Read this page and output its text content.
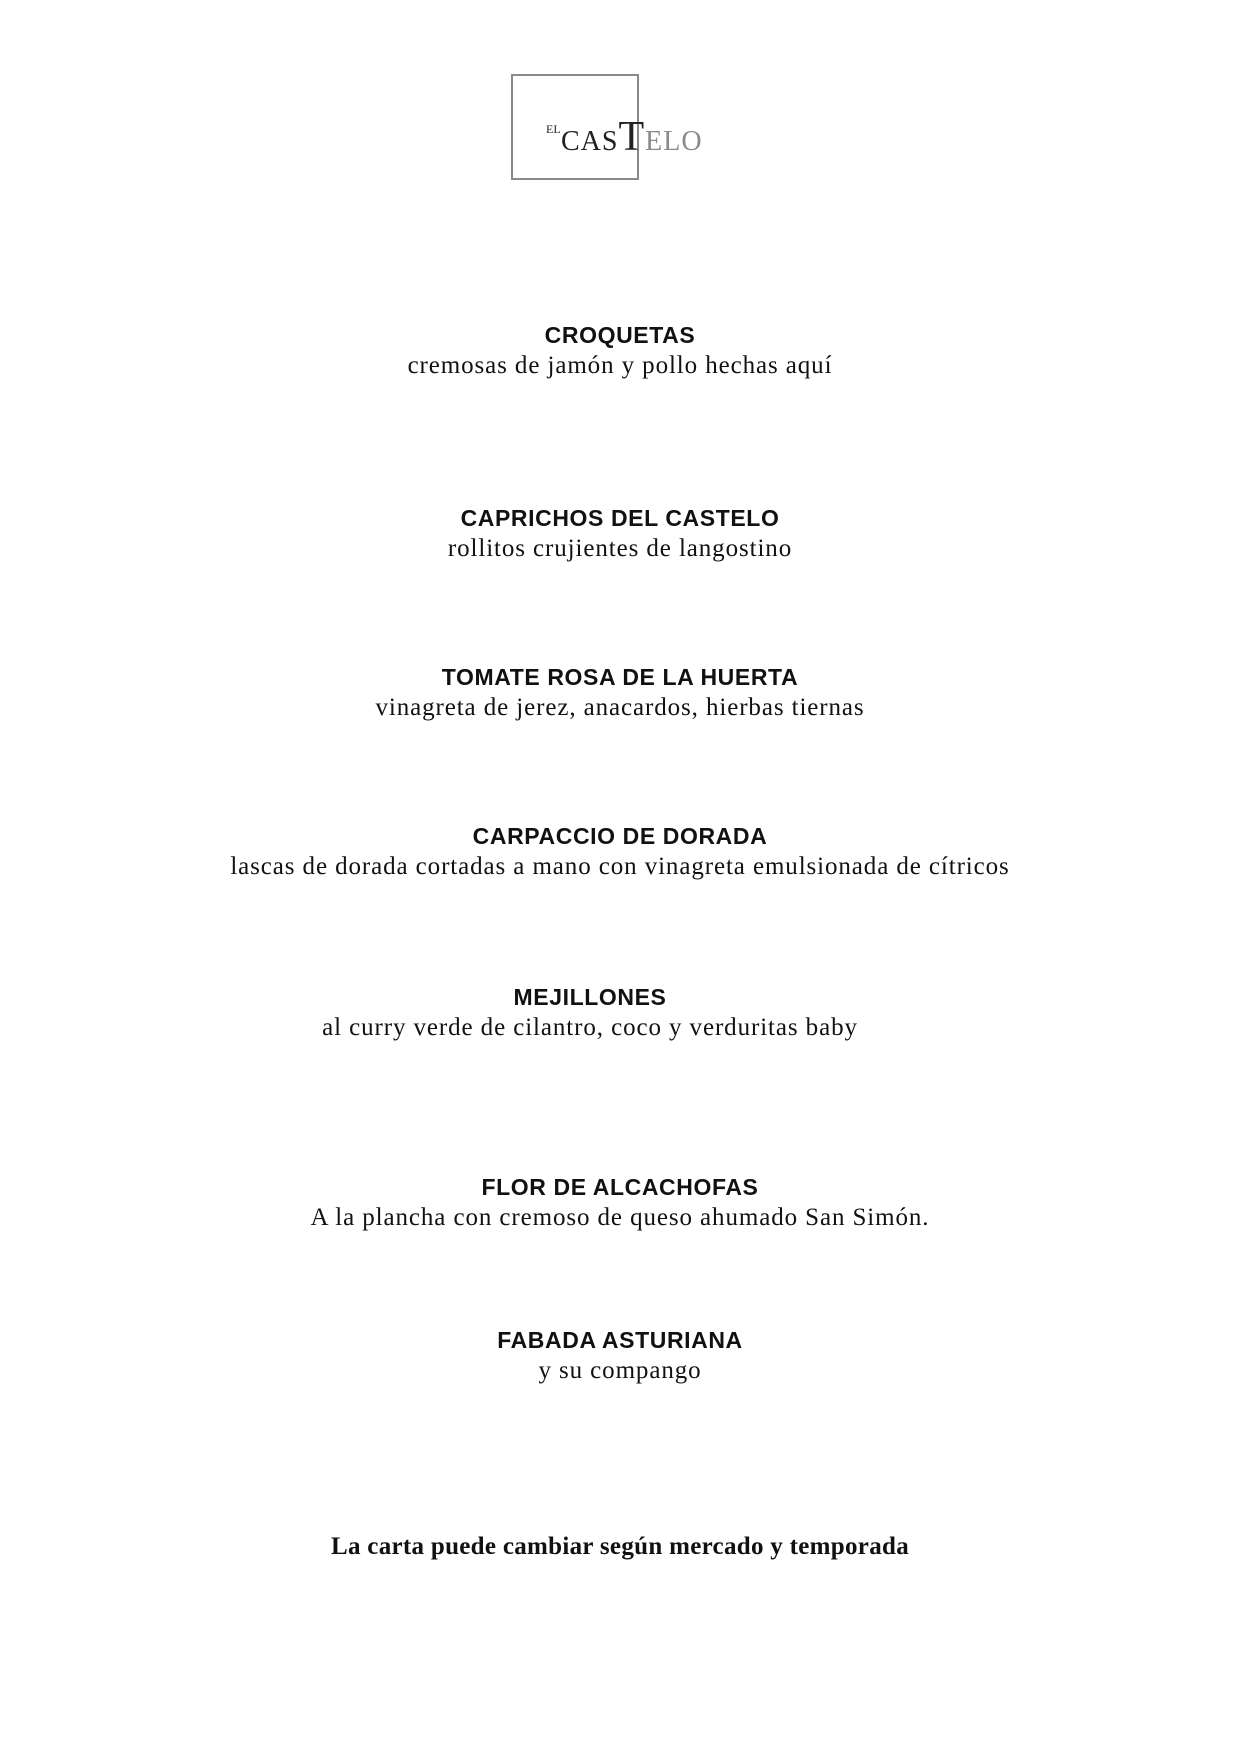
EL CASTELO
CROQUETAS
cremosas de jamón y pollo hechas aquí
CAPRICHOS DEL CASTELO
rollitos crujientes de langostino
TOMATE ROSA DE LA HUERTA
vinagreta de jerez, anacardos, hierbas tiernas
CARPACCIO DE DORADA
lascas de dorada cortadas a mano con vinagreta emulsionada de cítricos
MEJILLONES
al curry verde de cilantro, coco y verduritas baby
FLOR DE ALCACHOFAS
A la plancha con cremoso de queso ahumado San Simón.
FABADA ASTURIANA
y su compango
La carta puede cambiar según mercado y temporada
